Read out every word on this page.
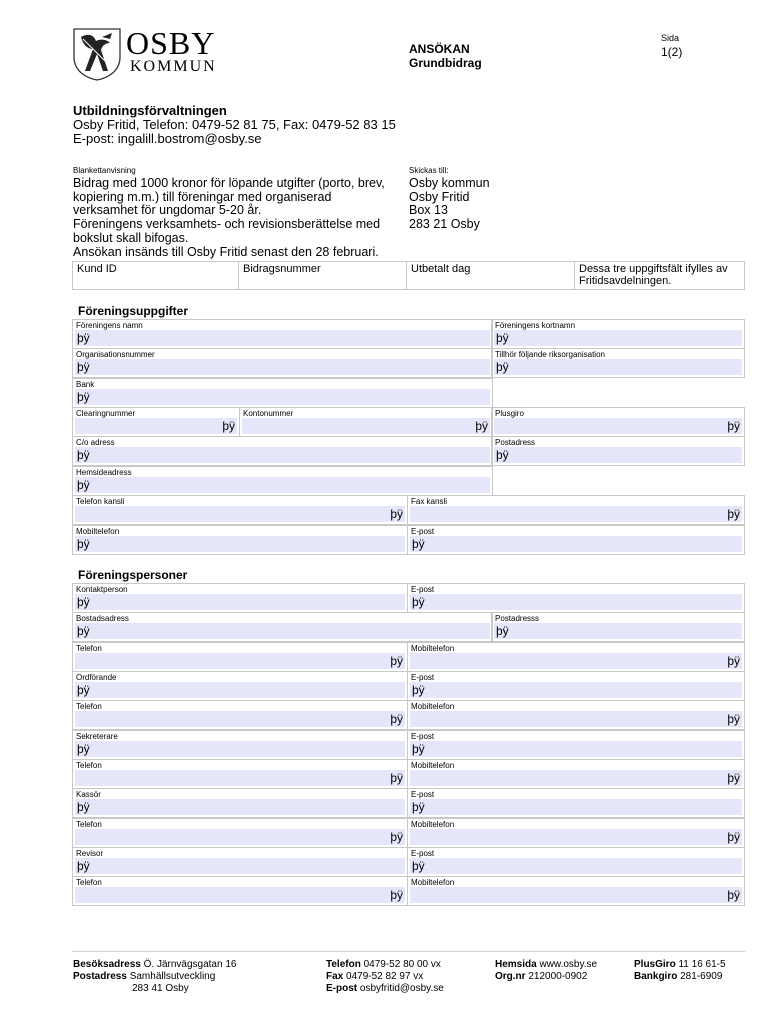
OSBY
KOMMUN
ANSÖKAN
Grundbidrag
Sida
1(2)
Utbildningsförvaltningen
Osby Fritid, Telefon: 0479-52 81 75, Fax: 0479-52 83 15
E-post: ingalill.bostrom@osby.se
Blankettanvisning
Bidrag med 1000 kronor för löpande utgifter (porto, brev,
kopiering m.m.) till föreningar med organiserad
verksamhet för ungdomar 5-20 år.
Föreningens verksamhets- och revisionsberättelse med
bokslut skall bifogas.
Ansökan insänds till Osby Fritid senast den 28 februari.
Skickas till:
Osby kommun
Osby Fritid
Box 13
283 21 Osby
Kund ID	Bidragsnummer	Utbetalt dag	Dessa tre uppgiftsfält ifylles av Fritidsavdelningen.
Föreningsuppgifter
Föreningens namn
þÿ
Föreningens kortnamn
þÿ
Organisationsnummer
þÿ
Tillhör följande riksorganisation
þÿ
Bank
þÿ
Clearingnummer
þÿ
Kontonummer
þÿ
Plusgiro
þÿ
C/o adress
þÿ
Postadress
þÿ
Hemsideadress
þÿ
Telefon kansli
þÿ
Fax kansli
þÿ
Mobiltelefon
þÿ
E-post
þÿ
Föreningspersoner
Kontaktperson
þÿ
E-post
þÿ
Bostadsadress
þÿ
Postadresss
þÿ
Telefon
þÿ
Mobiltelefon
þÿ
Ordförande
þÿ
E-post
þÿ
Telefon
þÿ
Mobiltelefon
þÿ
Sekreterare
þÿ
E-post
þÿ
Telefon
þÿ
Mobiltelefon
þÿ
Kassör
þÿ
E-post
þÿ
Telefon
þÿ
Mobiltelefon
þÿ
Revisor
þÿ
E-post
þÿ
Telefon
þÿ
Mobiltelefon
þÿ
Besöksadress Ö. Järnvägsgatan 16
Postadress Samhällsutveckling
283 41 Osby
Telefon 0479-52 80 00 vx
Fax 0479-52 82 97 vx
E-post osbyfritid@osby.se
Hemsida www.osby.se
Org.nr 212000-0902
PlusGiro 11 16 61-5
Bankgiro 281-6909
